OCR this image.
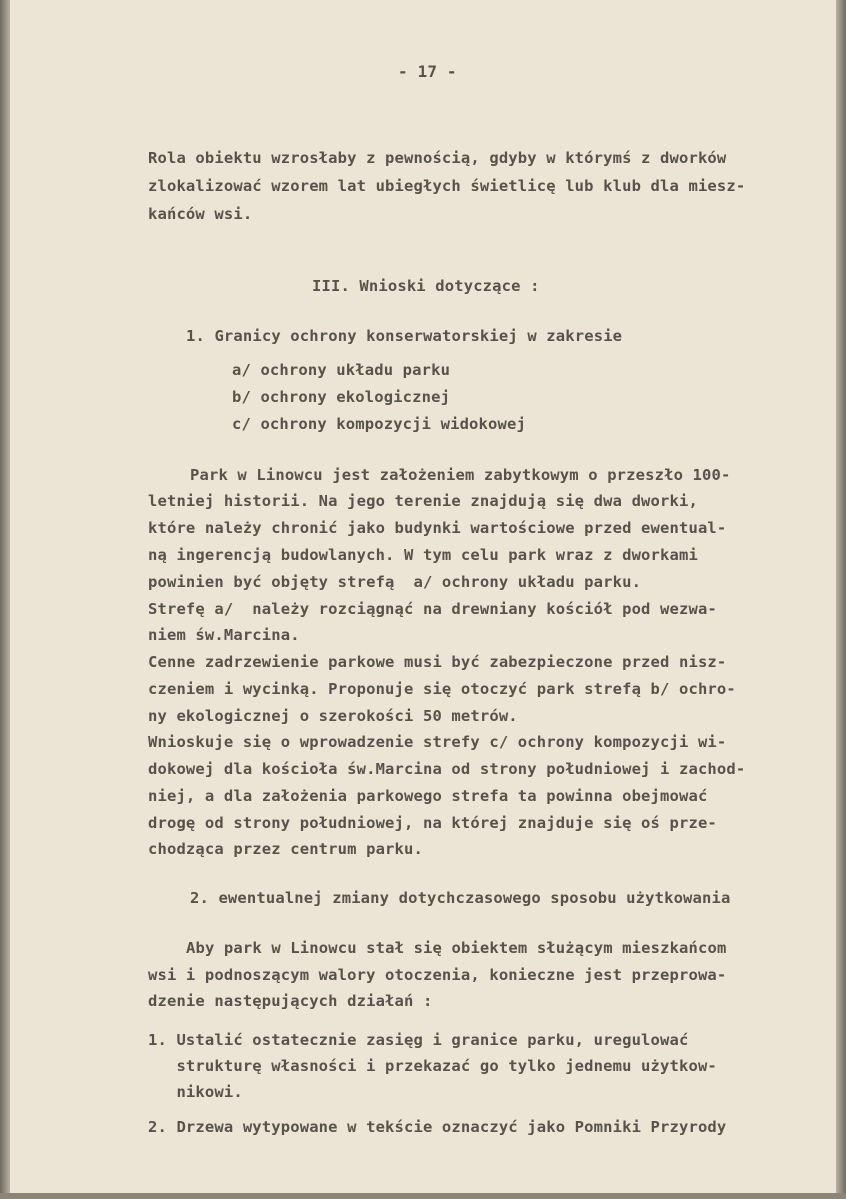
- 17 -
Rola obiektu wzrosłaby z pewnością, gdyby w którymś z dworków
zlokalizować wzorem lat ubiegłych świetlicę lub klub dla miesz-
kańców wsi.
III. Wnioski dotyczące :
1. Granicy ochrony konserwatorskiej w zakresie
a/ ochrony układu parku
b/ ochrony ekologicznej
c/ ochrony kompozycji widokowej
Park w Linowcu jest założeniem zabytkowym o przeszło 100-
letniej historii. Na jego terenie znajdują się dwa dworki,
które należy chronić jako budynki wartościowe przed ewentual-
ną ingerencją budowlanych. W tym celu park wraz z dworkami
powinien być objęty strefą  a/ ochrony układu parku.
Strefę a/  należy rozciągnąć na drewniany kościół pod wezwa-
niem św.Marcina.
Cenne zadrzewienie parkowe musi być zabezpieczone przed nisz-
czeniem i wycinką. Proponuje się otoczyć park strefą b/ ochro-
ny ekologicznej o szerokości 50 metrów.
Wnioskuje się o wprowadzenie strefy c/ ochrony kompozycji wi-
dokowej dla kościoła św.Marcina od strony południowej i zachod-
niej, a dla założenia parkowego strefa ta powinna obejmować
drogę od strony południowej, na której znajduje się oś prze-
chodząca przez centrum parku.
2. ewentualnej zmiany dotychczasowego sposobu użytkowania
Aby park w Linowcu stał się obiektem służącym mieszkańcom
wsi i podnoszącym walory otoczenia, konieczne jest przeprowa-
dzenie następujących działań :
1. Ustalić ostatecznie zasięg i granice parku, uregulować
strukturę własności i przekazać go tylko jednemu użytkow-
nikowi.
2. Drzewa wytypowane w tekście oznaczyć jako Pomniki Przyrody
